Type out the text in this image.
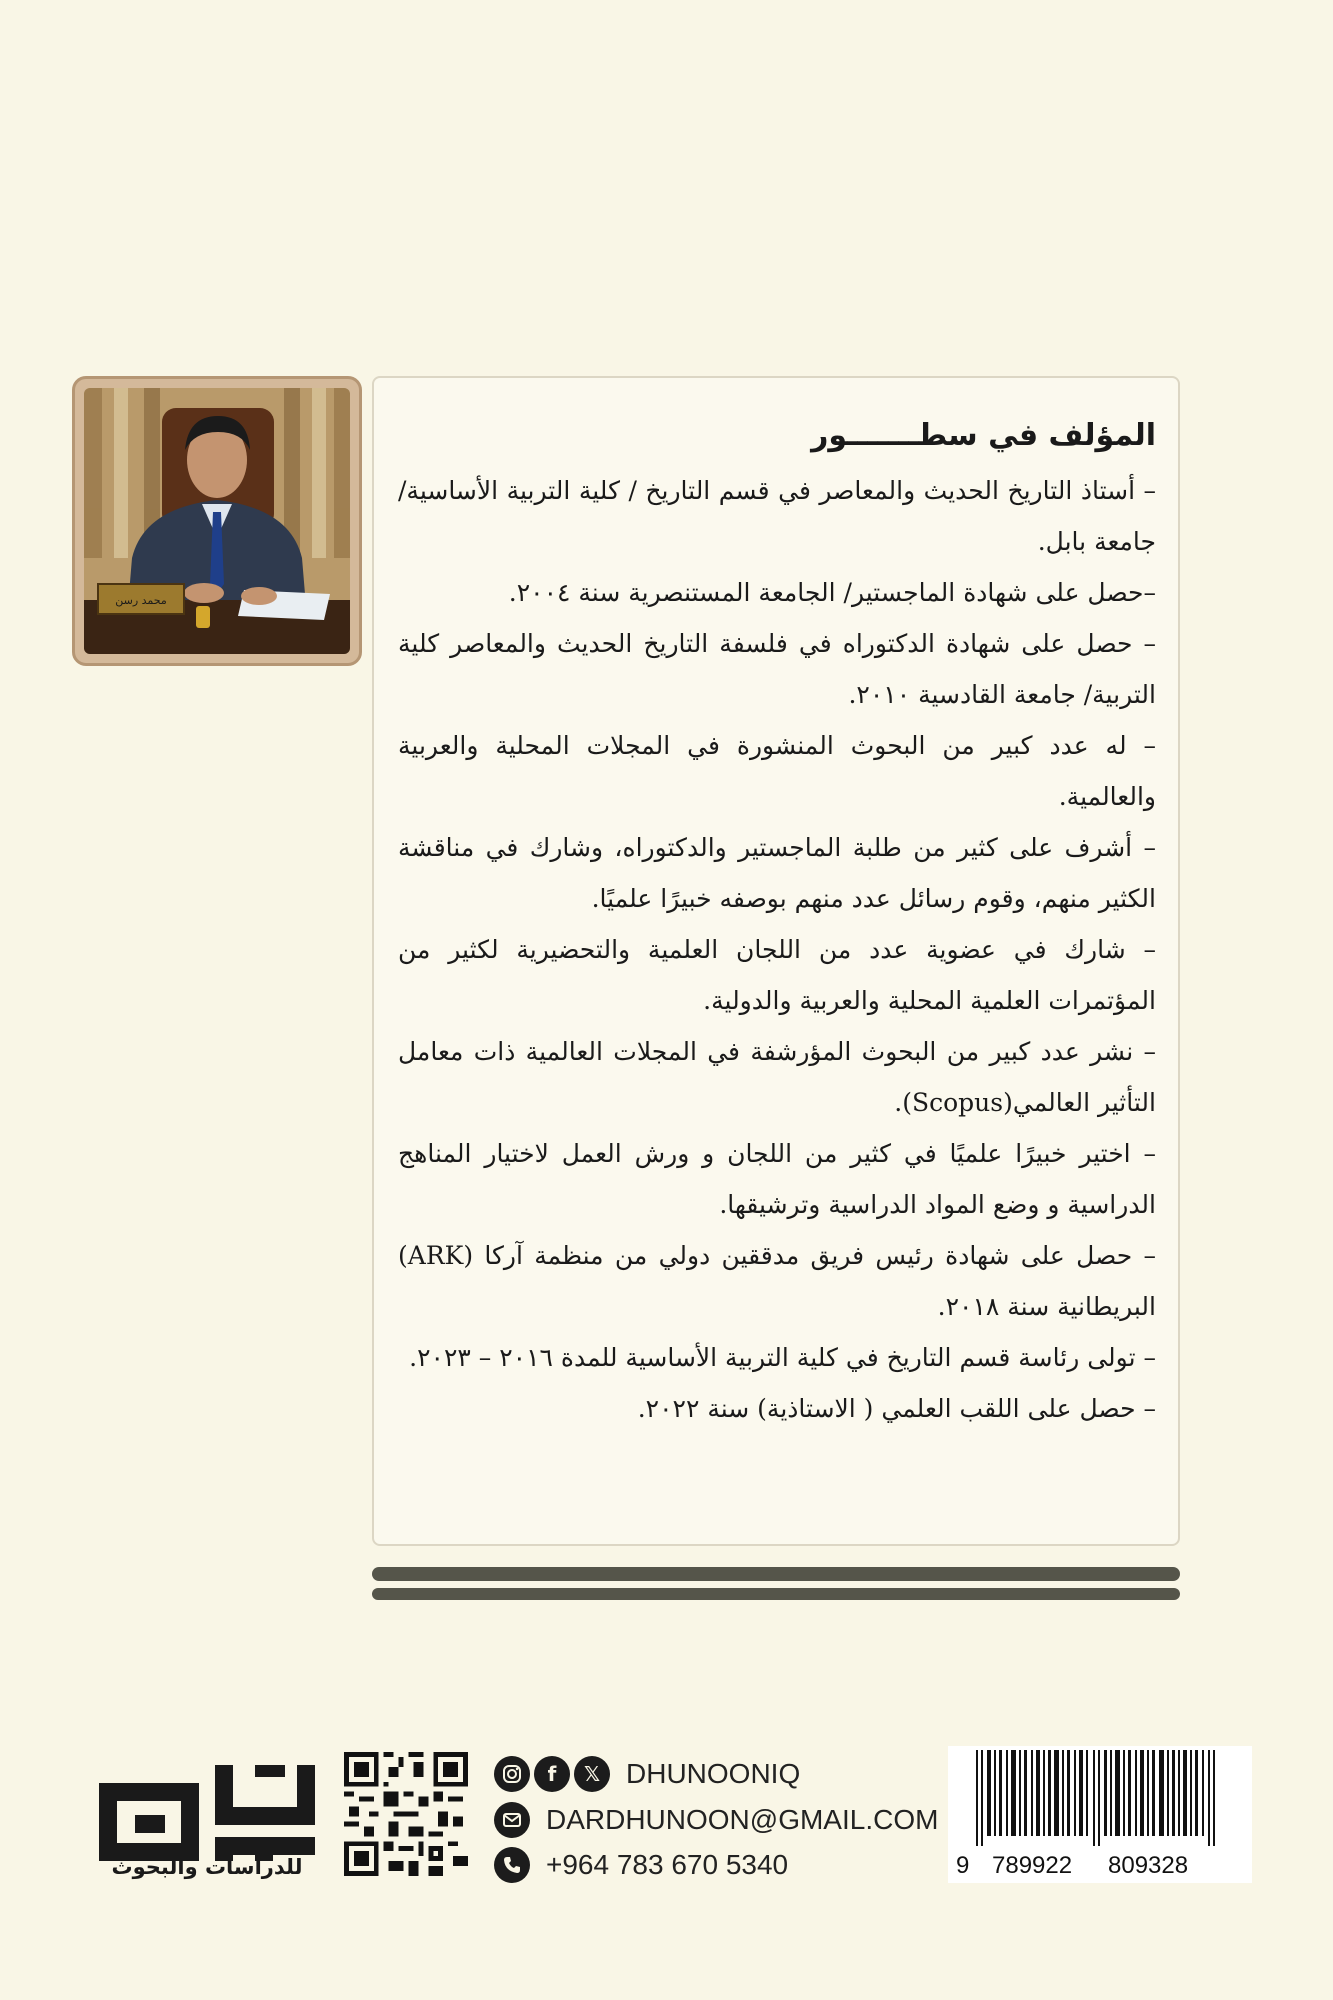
المؤلف في سطـــــــور
– أستاذ التاريخ الحديث والمعاصر في قسم التاريخ / كلية التربية الأساسية/ جامعة بابل.
–حصل على شهادة الماجستير/ الجامعة المستنصرية سنة ٢٠٠٤.
– حصل على شهادة الدكتوراه في فلسفة التاريخ الحديث والمعاصر كلية التربية/ جامعة القادسية ٢٠١٠.
– له عدد كبير من البحوث المنشورة في المجلات المحلية والعربية والعالمية.
– أشرف على كثير من طلبة الماجستير والدكتوراه، وشارك في مناقشة الكثير منهم، وقوم رسائل عدد منهم بوصفه خبيرًا علميًا.
– شارك في عضوية عدد من اللجان العلمية والتحضيرية لكثير من المؤتمرات العلمية المحلية والعربية والدولية.
– نشر عدد كبير من البحوث المؤرشفة في المجلات العالمية ذات معامل التأثير العالمي(Scopus).
– اختير خبيرًا علميًا في كثير من اللجان و ورش العمل لاختيار المناهج الدراسية و وضع المواد الدراسية وترشيقها.
– حصل على شهادة رئيس فريق مدققين دولي من منظمة آركا (ARK) البريطانية سنة ٢٠١٨.
– تولى رئاسة قسم التاريخ في كلية التربية الأساسية للمدة ٢٠١٦ – ٢٠٢٣.
– حصل على اللقب العلمي ( الاستاذية) سنة ٢٠٢٢.
محمد رسن
للدراسات والبحوث
f	𝕏 DHUNOONIQ
DARDHUNOON@GMAIL.COM
+964 783 670 5340	9 789922 809328
